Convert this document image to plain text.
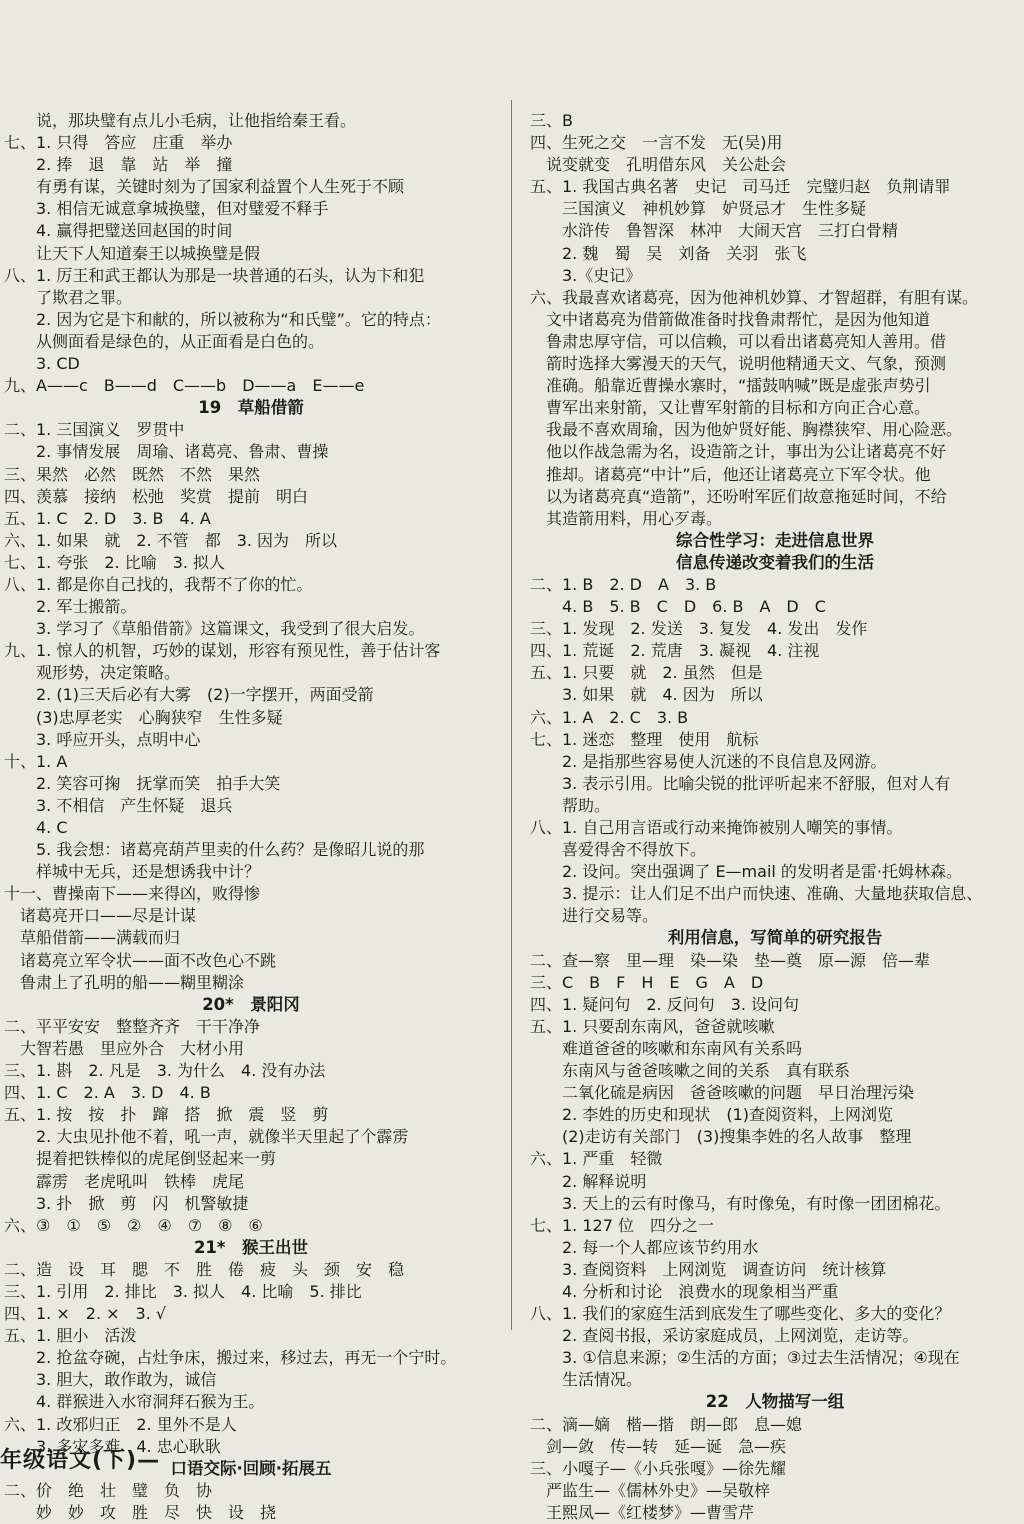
说，那块璧有点儿小毛病，让他指给秦王看。
七、1. 只得　答应　庄重　举办
2. 捧　退　靠　站　举　撞
有勇有谋，关键时刻为了国家利益置个人生死于不顾
3. 相信无诚意拿城换璧，但对璧爱不释手
4. 赢得把璧送回赵国的时间
让天下人知道秦王以城换璧是假
八、1. 厉王和武王都认为那是一块普通的石头，认为卞和犯
了欺君之罪。
2. 因为它是卞和献的，所以被称为“和氏璧”。它的特点：
从侧面看是绿色的，从正面看是白色的。
3. CD
九、A——c　B——d　C——b　D——a　E——e
19　草船借箭
二、1. 三国演义　罗贯中
2. 事情发展　周瑜、诸葛亮、鲁肃、曹操
三、果然　必然　既然　不然　果然
四、羡慕　接纳　松弛　奖赏　提前　明白
五、1. C　2. D　3. B　4. A
六、1. 如果　就　2. 不管　都　3. 因为　所以
七、1. 夸张　2. 比喻　3. 拟人
八、1. 都是你自己找的，我帮不了你的忙。
2. 军士搬箭。
3. 学习了《草船借箭》这篇课文，我受到了很大启发。
九、1. 惊人的机智，巧妙的谋划，形容有预见性，善于估计客
观形势，决定策略。
2. (1)三天后必有大雾　(2)一字摆开，两面受箭
(3)忠厚老实　心胸狭窄　生性多疑
3. 呼应开头，点明中心
十、1. A
2. 笑容可掬　抚掌而笑　拍手大笑
3. 不相信　产生怀疑　退兵
4. C
5. 我会想：诸葛亮葫芦里卖的什么药？是像昭儿说的那
样城中无兵，还是想诱我中计？
十一、曹操南下——来得凶，败得惨
诸葛亮开口——尽是计谋
草船借箭——满载而归
诸葛亮立军令状——面不改色心不跳
鲁肃上了孔明的船——糊里糊涂
20*　景阳冈
二、平平安安　整整齐齐　干干净净
大智若愚　里应外合　大材小用
三、1. 斟　2. 凡是　3. 为什么　4. 没有办法
四、1. C　2. A　3. D　4. B
五、1. 按　按　扑　蹿　搭　掀　震　竖　剪
2. 大虫见扑他不着，吼一声，就像半天里起了个霹雳
提着把铁棒似的虎尾倒竖起来一剪
霹雳　老虎吼叫　铁棒　虎尾
3. 扑　掀　剪　闪　机警敏捷
六、③　①　⑤　②　④　⑦　⑧　⑥
21*　猴王出世
二、造　设　耳　腮　不　胜　倦　疲　头　颈　安　稳
三、1. 引用　2. 排比　3. 拟人　4. 比喻　5. 排比
四、1. ×　2. ×　3. √
五、1. 胆小　活泼
2. 抢盆夺碗，占灶争床，搬过来，移过去，再无一个宁时。
3. 胆大，敢作敢为，诚信
4. 群猴进入水帘洞拜石猴为王。
六、1. 改邪归正　2. 里外不是人
3. 多灾多难　4. 忠心耿耿
口语交际·回顾·拓展五
二、价　绝　壮　璧　负　协
妙　妙　攻　胜　尽　快　设　挠
三、B
四、生死之交　一言不发　无(吴)用
说变就变　孔明借东风　关公赴会
五、1. 我国古典名著　史记　司马迁　完璧归赵　负荆请罪
三国演义　神机妙算　妒贤忌才　生性多疑
水浒传　鲁智深　林冲　大闹天宫　三打白骨精
2. 魏　蜀　吴　刘备　关羽　张飞
3.《史记》
六、我最喜欢诸葛亮，因为他神机妙算、才智超群，有胆有谋。
文中诸葛亮为借箭做准备时找鲁肃帮忙，是因为他知道
鲁肃忠厚守信，可以信赖，可以看出诸葛亮知人善用。借
箭时选择大雾漫天的天气，说明他精通天文、气象，预测
准确。船靠近曹操水寨时，“擂鼓呐喊”既是虚张声势引
曹军出来射箭，又让曹军射箭的目标和方向正合心意。
我最不喜欢周瑜，因为他妒贤好能、胸襟狭窄、用心险恶。
他以作战急需为名，设造箭之计，事出为公让诸葛亮不好
推却。诸葛亮“中计”后，他还让诸葛亮立下军令状。他
以为诸葛亮真“造箭”，还吩咐军匠们故意拖延时间，不给
其造箭用料，用心歹毒。
综合性学习：走进信息世界
信息传递改变着我们的生活
二、1. B　2. D　A　3. B
4. B　5. B　C　D　6. B　A　D　C
三、1. 发现　2. 发送　3. 复发　4. 发出　发作
四、1. 荒诞　2. 荒唐　3. 凝视　4. 注视
五、1. 只要　就　2. 虽然　但是
3. 如果　就　4. 因为　所以
六、1. A　2. C　3. B
七、1. 迷恋　整理　使用　航标
2. 是指那些容易使人沉迷的不良信息及网游。
3. 表示引用。比喻尖锐的批评听起来不舒服，但对人有
帮助。
八、1. 自己用言语或行动来掩饰被别人嘲笑的事情。
喜爱得舍不得放下。
2. 设问。突出强调了 E—mail 的发明者是雷·托姆林森。
3. 提示：让人们足不出户而快速、准确、大量地获取信息、
进行交易等。
利用信息，写简单的研究报告
二、查—察　里—理　染—染　垫—奠　原—源　倍—辈
三、C　B　F　H　E　G　A　D
四、1. 疑问句　2. 反问句　3. 设问句
五、1. 只要刮东南风，爸爸就咳嗽
难道爸爸的咳嗽和东南风有关系吗
东南风与爸爸咳嗽之间的关系　真有联系
二氧化硫是病因　爸爸咳嗽的问题　早日治理污染
2. 李姓的历史和现状　(1)查阅资料，上网浏览
(2)走访有关部门　(3)搜集李姓的名人故事　整理
六、1. 严重　轻微
2. 解释说明
3. 天上的云有时像马，有时像兔，有时像一团团棉花。
七、1. 127 位　四分之一
2. 每一个人都应该节约用水
3. 查阅资料　上网浏览　调查访问　统计核算
4. 分析和讨论　浪费水的现象相当严重
八、1. 我们的家庭生活到底发生了哪些变化、多大的变化？
2. 查阅书报，采访家庭成员，上网浏览，走访等。
3. ①信息来源；②生活的方面；③过去生活情况；④现在
生活情况。
22　人物描写一组
二、滴—嫡　楷—揩　朗—郎　息—媳
剑—敛　传—转　延—诞　急—疾
三、小嘎子—《小兵张嘎》—徐先耀
严监生—《儒林外史》—吴敬梓
王熙凤—《红楼梦》—曹雪芹
年级语文(下)—
